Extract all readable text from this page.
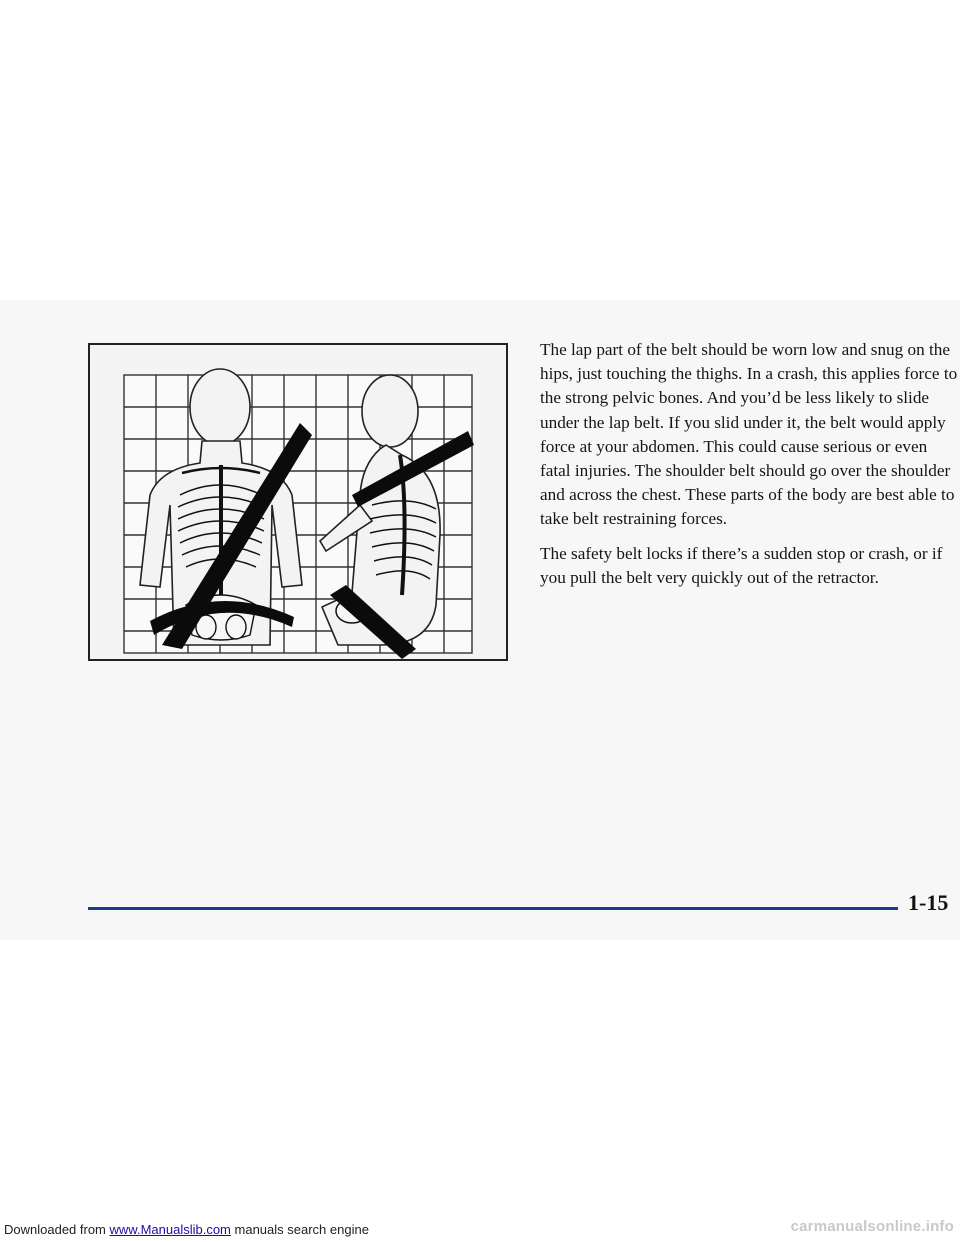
The lap part of the belt should be worn low and snug on the hips, just touching the thighs. In a crash, this applies force to the strong pelvic bones. And you’d be less likely to slide under the lap belt. If you slid under it, the belt would apply force at your abdomen. This could cause serious or even fatal injuries. The shoulder belt should go over the shoulder and across the chest. These parts of the body are best able to take belt restraining forces.

The safety belt locks if there’s a sudden stop or crash, or if you pull the belt very quickly out of the retractor.

1-15
Downloaded from www.Manualslib.com manuals search engine	carmanualsonline.info
